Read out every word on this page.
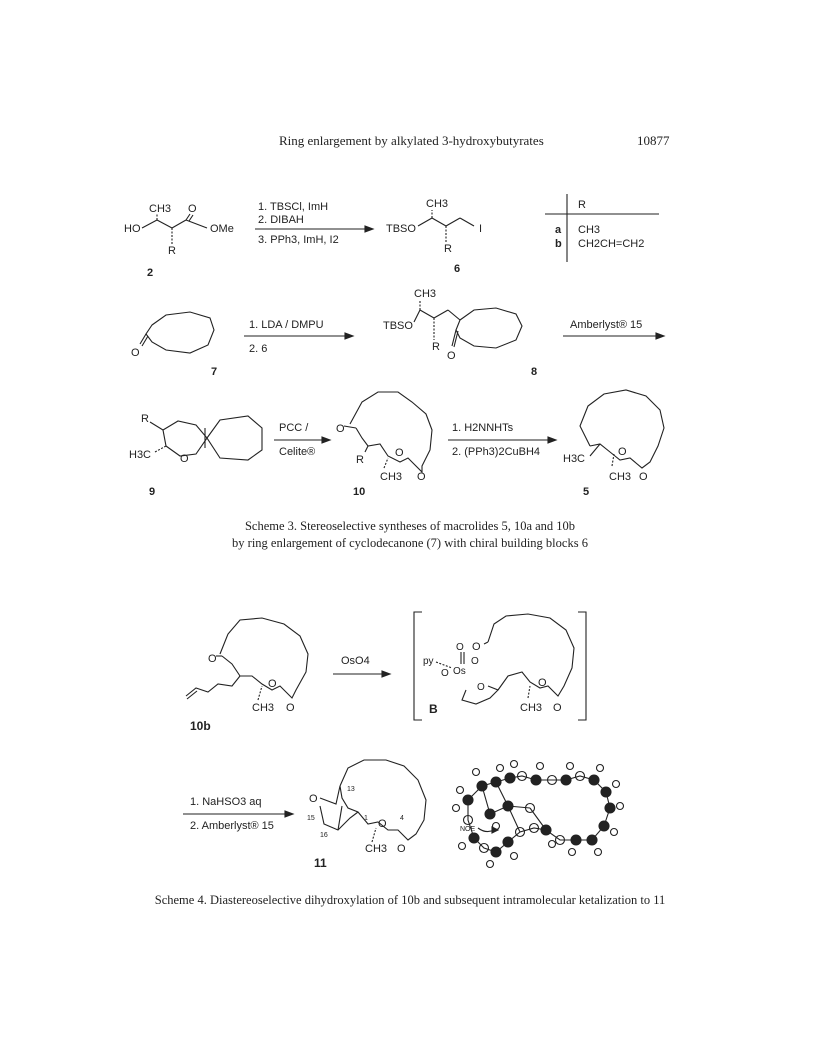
Ring enlargement by alkylated 3-hydroxybutyrates	10877
CH3 O
HO	OMe
R
2
1. TBSCl, ImH
2. DIBAH
3. PPh3, ImH, I2
CH3
TBSO	I
R
6
R
a CH3
b CH2CH=CH2
O
7
1. LDA / DMPU
2. 6
CH3
TBSO
R
O
8
Amberlyst® 15
R
H3C	O
9
PCC /
Celite®
O
R
O
CH3 O
10
1. H2NNHTs
2. (PPh3)2CuBH4
H3C
O
CH3 O
5
Scheme 3. Stereoselective syntheses of macrolides 5, 10a and 10b
by ring enlargement of cyclodecanone (7) with chiral building blocks 6
O
O
CH3 O
10b
OsO4	py
O
O Os
O
O
O
O
CH3 O
B
1. NaHSO3 aq
2. Amberlyst® 15
O
O
CH3 O
13
15
16
1	4
11
NOE
Scheme 4. Diastereoselective dihydroxylation of 10b and subsequent intramolecular ketalization to 11
